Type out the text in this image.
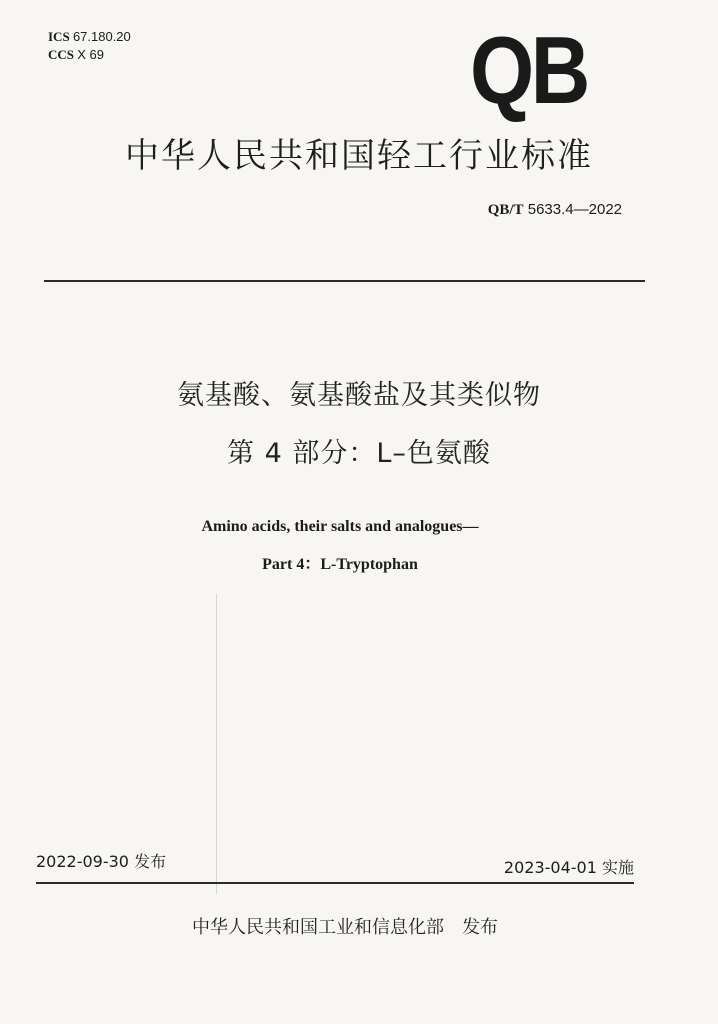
ICS 67.180.20
CCS X 69	QB
中华人民共和国轻工行业标准
QB/T 5633.4—2022
氨基酸、氨基酸盐及其类似物
第 4 部分：L–色氨酸
Amino acids, their salts and analogues—
Part 4：L-Tryptophan
2022-09-30 发布	2023-04-01 实施
中华人民共和国工业和信息化部 发布
